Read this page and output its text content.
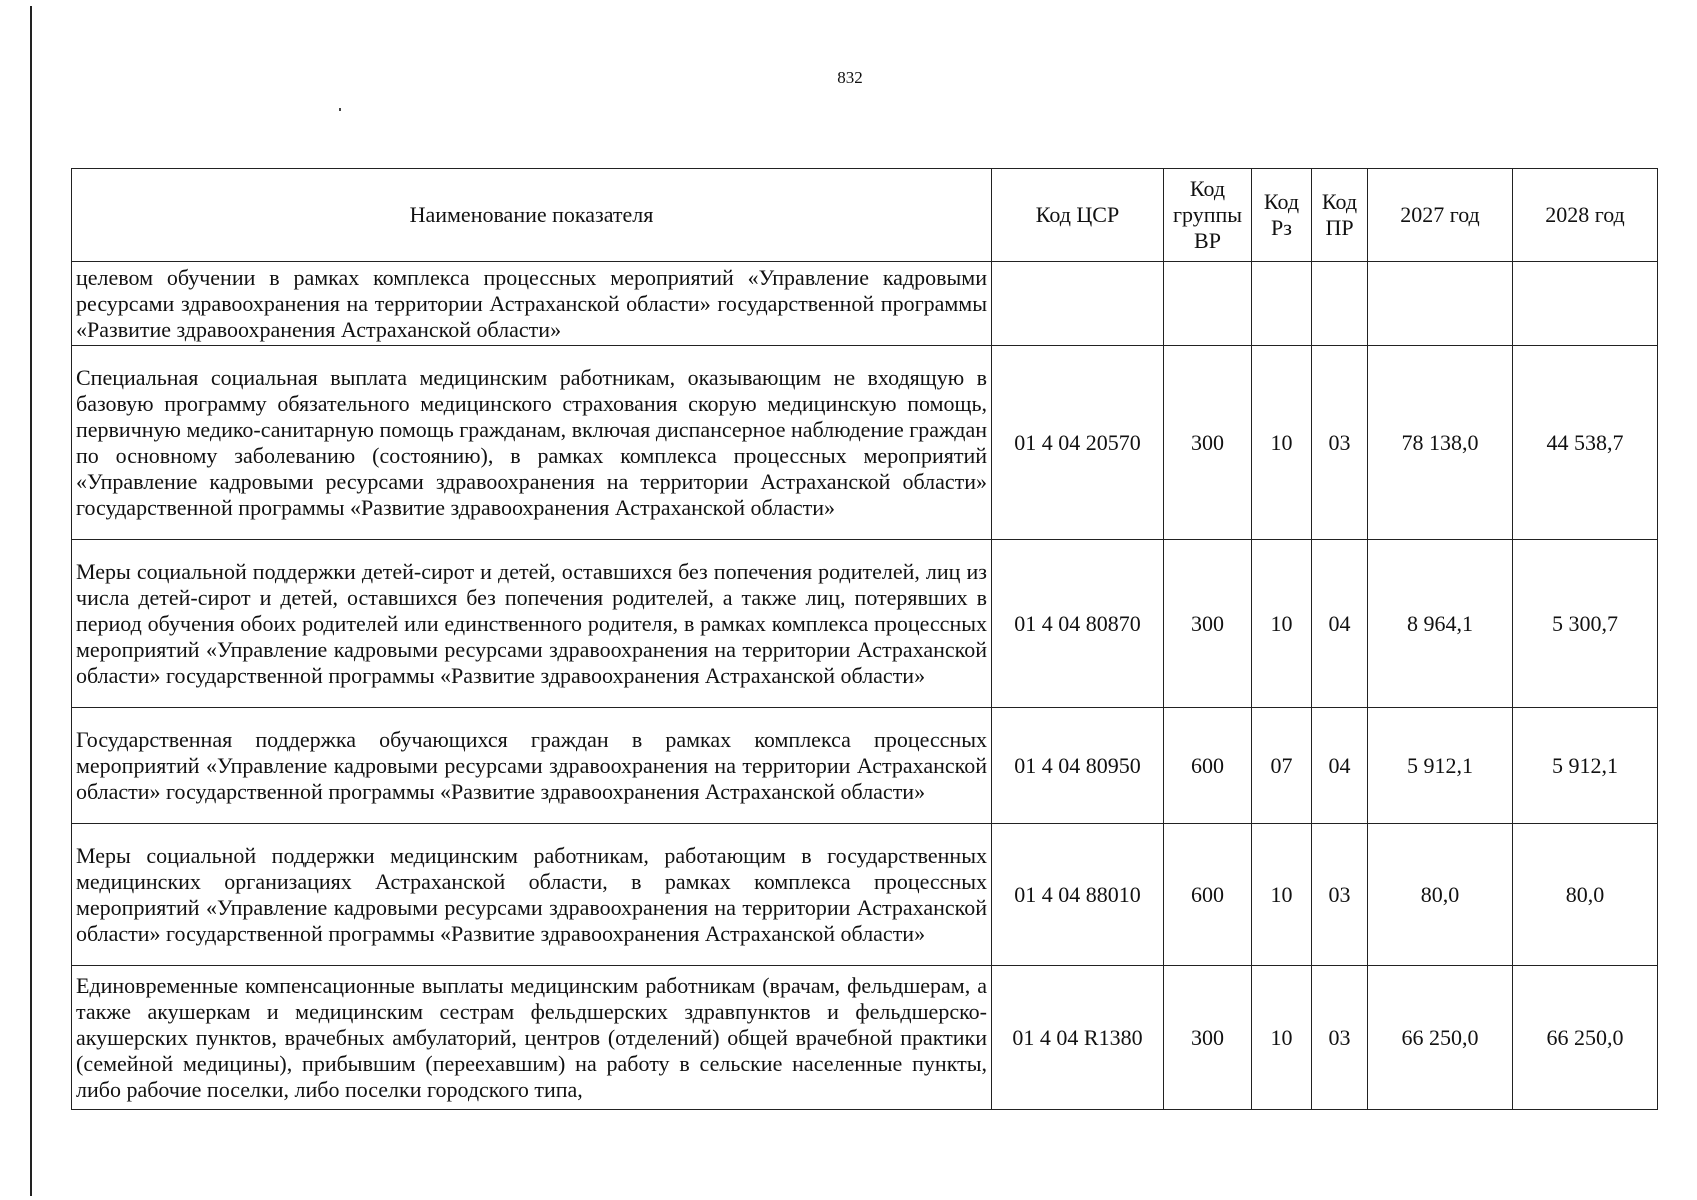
832
Наименование показателя	Код ЦСР	Код группы ВР	Код Рз	Код ПР	2027 год	2028 год
целевом обучении в рамках комплекса процессных мероприятий «Управление кадровыми ресурсами здравоохранения на территории Астраханской области» государственной программы «Развитие здравоохранения Астраханской области»						
Специальная социальная выплата медицинским работникам, оказывающим не входящую в базовую программу обязательного медицинского страхования скорую медицинскую помощь, первичную медико-санитарную помощь гражданам, включая диспансерное наблюдение граждан по основному заболеванию (состоянию), в рамках комплекса процессных мероприятий «Управление кадровыми ресурсами здравоохранения на территории Астраханской области» государственной программы «Развитие здравоохранения Астраханской области»	01 4 04 20570	300	10	03	78 138,0	44 538,7
Меры социальной поддержки детей-сирот и детей, оставшихся без попечения родителей, лиц из числа детей-сирот и детей, оставшихся без попечения родителей, а также лиц, потерявших в период обучения обоих родителей или единственного родителя, в рамках комплекса процессных мероприятий «Управление кадровыми ресурсами здравоохранения на территории Астраханской области» государственной программы «Развитие здравоохранения Астраханской области»	01 4 04 80870	300	10	04	8 964,1	5 300,7
Государственная поддержка обучающихся граждан в рамках комплекса процессных мероприятий «Управление кадровыми ресурсами здравоохранения на территории Астраханской области» государственной программы «Развитие здравоохранения Астраханской области»	01 4 04 80950	600	07	04	5 912,1	5 912,1
Меры социальной поддержки медицинским работникам, работающим в государственных медицинских организациях Астраханской области, в рамках комплекса процессных мероприятий «Управление кадровыми ресурсами здравоохранения на территории Астраханской области» государственной программы «Развитие здравоохранения Астраханской области»	01 4 04 88010	600	10	03	80,0	80,0
Единовременные компенсационные выплаты медицинским работникам (врачам, фельдшерам, а также акушеркам и медицинским сестрам фельдшерских здравпунктов и фельдшерско-акушерских пунктов, врачебных амбулаторий, центров (отделений) общей врачебной практики (семейной медицины), прибывшим (переехавшим) на работу в сельские населенные пункты, либо рабочие поселки, либо поселки городского типа,	01 4 04 R1380	300	10	03	66 250,0	66 250,0
